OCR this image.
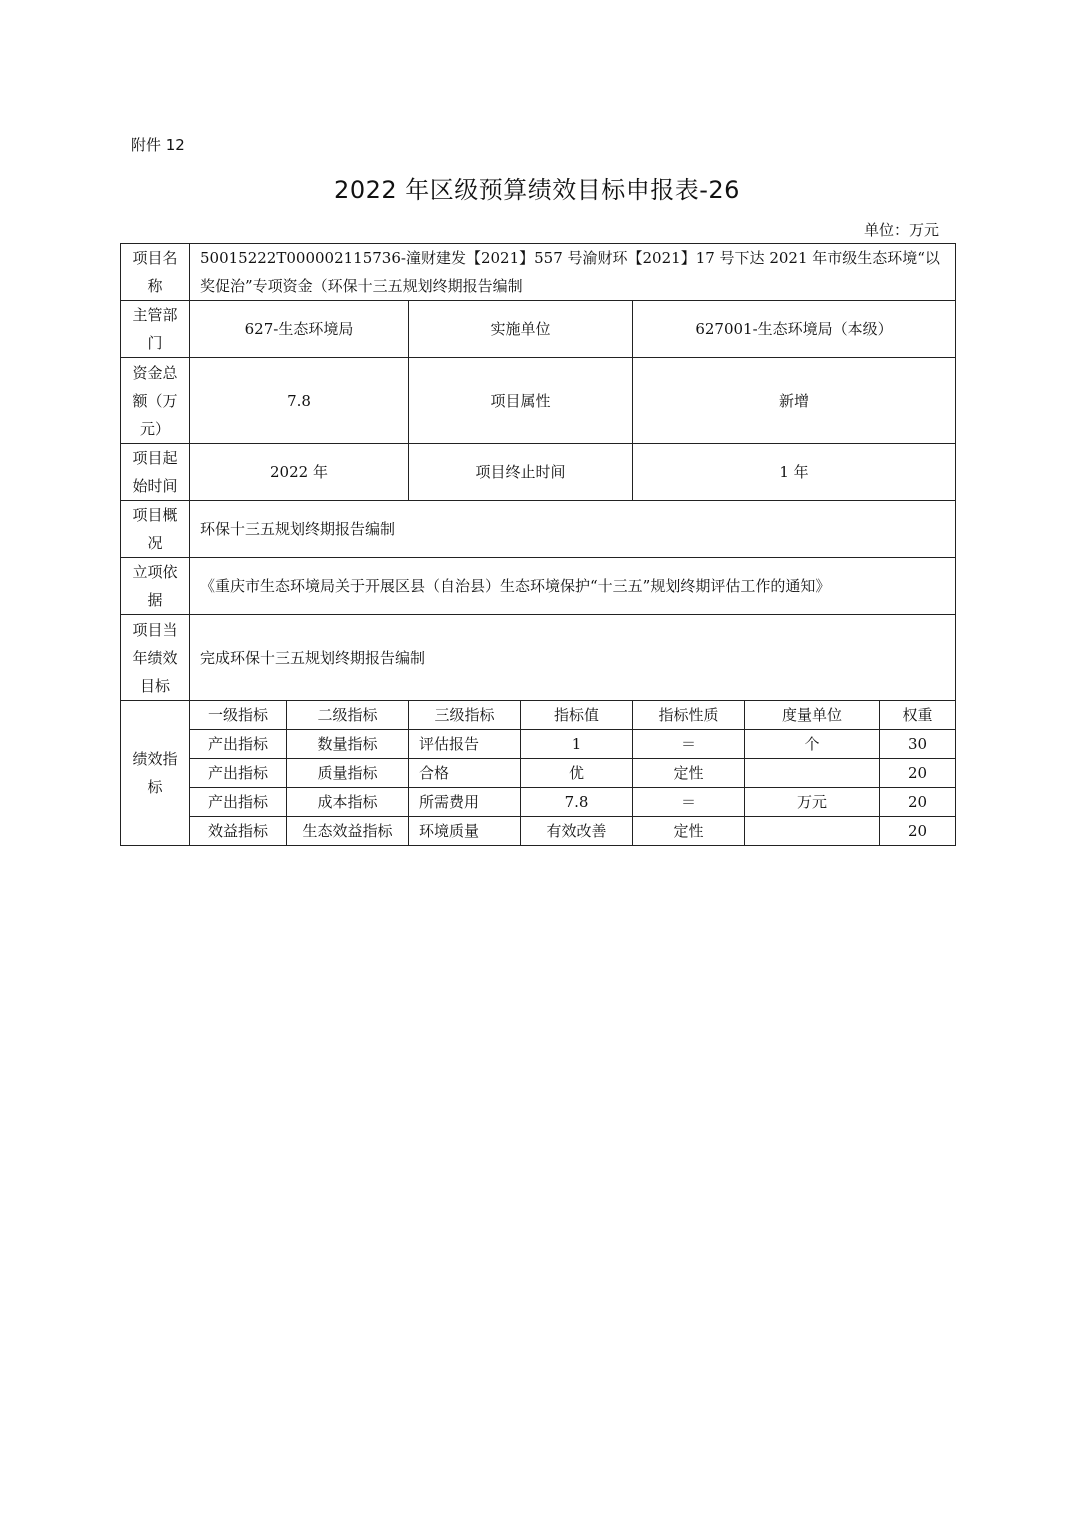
附件 12
2022 年区级预算绩效目标申报表-26
单位：万元
项目名称	50015222T000002115736-潼财建发【2021】557 号渝财环【2021】17 号下达 2021 年市级生态环境“以奖促治”专项资金（环保十三五规划终期报告编制						
主管部门	627-生态环境局		实施单位		627001-生态环境局（本级）		
资金总额（万元）	7.8		项目属性		新增		
项目起始时间	2022 年		项目终止时间		1 年		
项目概况	环保十三五规划终期报告编制						
立项依据	《重庆市生态环境局关于开展区县（自治县）生态环境保护“十三五”规划终期评估工作的通知》						
项目当年绩效目标	完成环保十三五规划终期报告编制						
绩效指标	一级指标	二级指标	三级指标	指标值	指标性质	度量单位	权重
	产出指标	数量指标	评估报告	1	＝	个	30
	产出指标	质量指标	合格	优	定性		20
	产出指标	成本指标	所需费用	7.8	＝	万元	20
	效益指标	生态效益指标	环境质量	有效改善	定性		20
